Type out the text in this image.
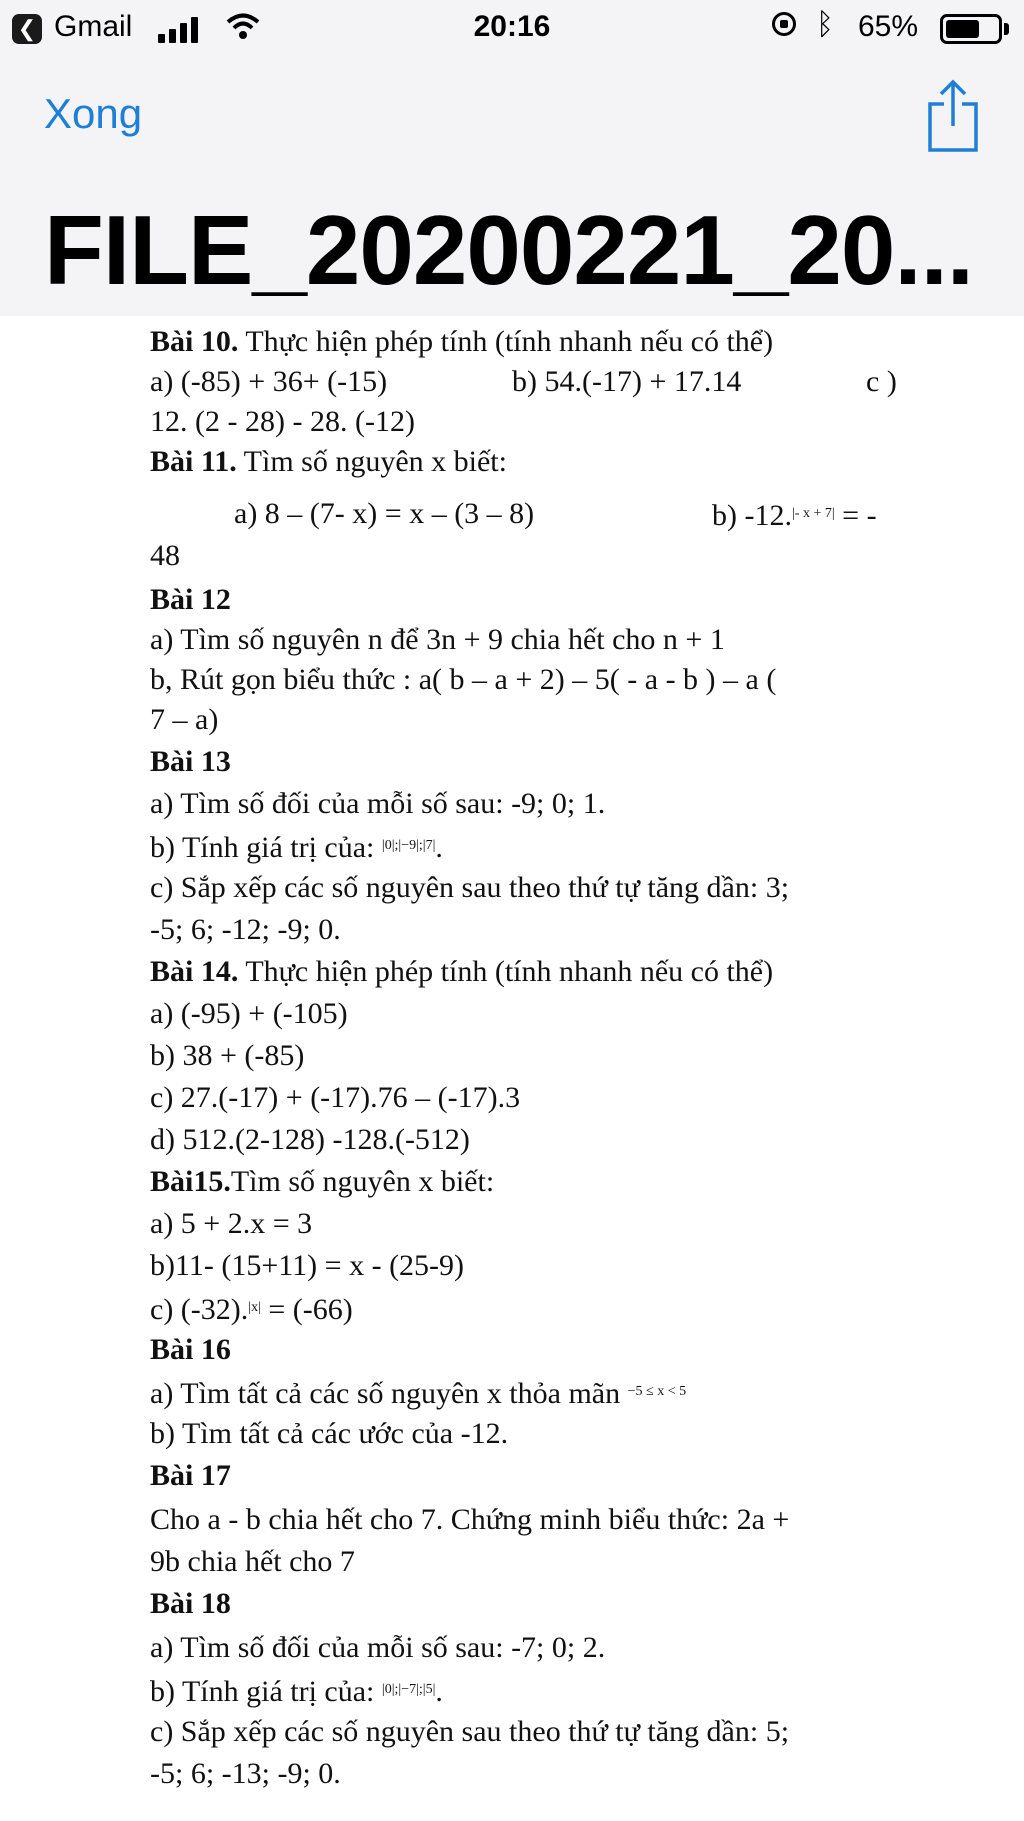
❮ Gmail	20:16	ᛒ 65%
Xong
FILE_20200221_20...
Bài 10. Thực hiện phép tính (tính nhanh nếu có thể)
a) (-85) + 36+ (-15)	b) 54.(-17) + 17.14	c )
12. (2 - 28) - 28. (-12)
Bài 11. Tìm số nguyên x biết:
a) 8 – (7- x) = x – (3 – 8)	b) -12.$^{|- x + 7|}$ = -
48
Bài 12
a) Tìm số nguyên n để 3n + 9 chia hết cho n + 1
b, Rút gọn biểu thức : a( b – a + 2) – 5( - a - b ) – a (
7 – a)
Bài 13
a) Tìm số đối của mỗi số sau: -9; 0; 1.
b) Tính giá trị của: $^{|0|;|-9|;|7|}$.
c) Sắp xếp các số nguyên sau theo thứ tự tăng dần: 3;
-5; 6; -12; -9; 0.
Bài 14. Thực hiện phép tính (tính nhanh nếu có thể)
a) (-95) + (-105)
b) 38 + (-85)
c) 27.(-17) + (-17).76 – (-17).3
d) 512.(2-128) -128.(-512)
Bài15.Tìm số nguyên x biết:
a) 5 + 2.x = 3
b)11- (15+11) = x - (25-9)
c) (-32).$^{|x|}$ = (-66)
Bài 16
a) Tìm tất cả các số nguyên x thỏa mãn $^{-5 \le x < 5}$
b) Tìm tất cả các ước của -12.
Bài 17
Cho a - b chia hết cho 7. Chứng minh biểu thức: 2a +
9b chia hết cho 7
Bài 18
a) Tìm số đối của mỗi số sau: -7; 0; 2.
b) Tính giá trị của: $^{|0|;|-7|;|5|}$.
c) Sắp xếp các số nguyên sau theo thứ tự tăng dần: 5;
-5; 6; -13; -9; 0.
